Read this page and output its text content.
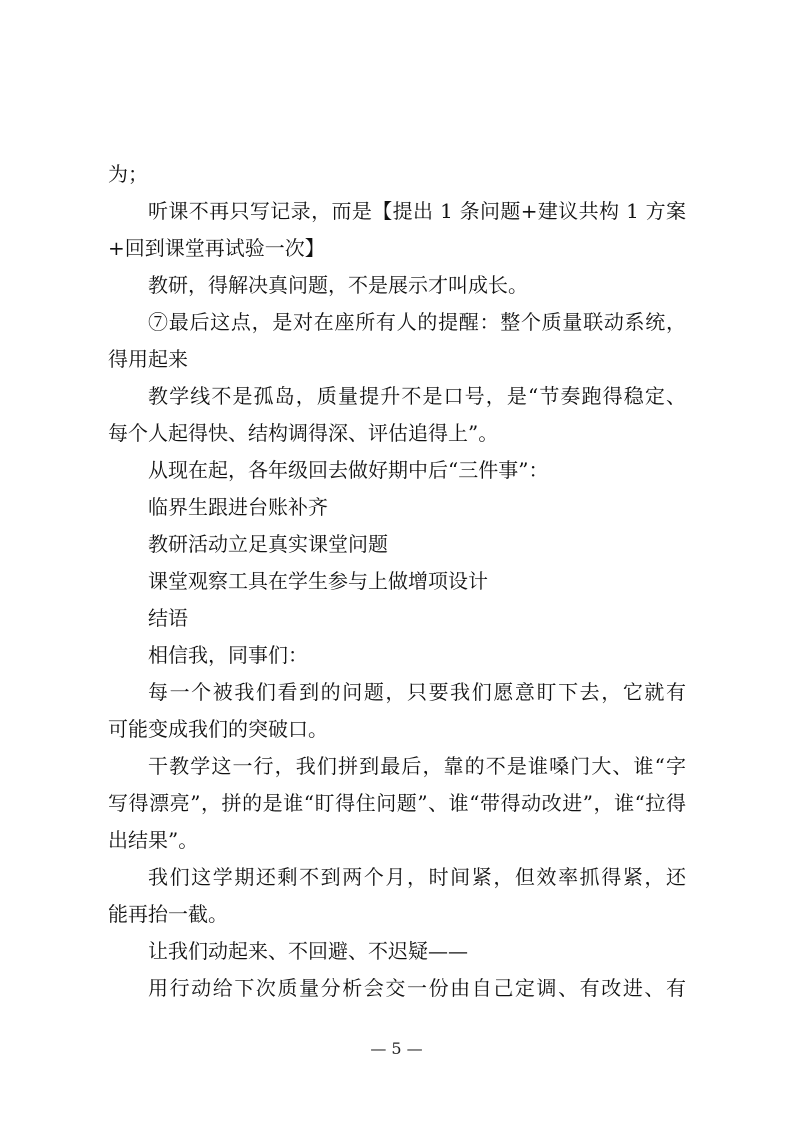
为；
听课不再只写记录，而是【提出 1 条问题+建议共构 1 方案
+回到课堂再试验一次】
教研，得解决真问题，不是展示才叫成长。
⑦最后这点，是对在座所有人的提醒：整个质量联动系统，
得用起来
教学线不是孤岛，质量提升不是口号，是“节奏跑得稳定、
每个人起得快、结构调得深、评估追得上”。
从现在起，各年级回去做好期中后“三件事”：
临界生跟进台账补齐
教研活动立足真实课堂问题
课堂观察工具在学生参与上做增项设计
结语
相信我，同事们：
每一个被我们看到的问题，只要我们愿意盯下去，它就有
可能变成我们的突破口。
干教学这一行，我们拼到最后，靠的不是谁嗓门大、谁“字
写得漂亮”，拼的是谁“盯得住问题”、谁“带得动改进”，谁“拉得
出结果”。
我们这学期还剩不到两个月，时间紧，但效率抓得紧，还
能再抬一截。
让我们动起来、不回避、不迟疑——
用行动给下次质量分析会交一份由自己定调、有改进、有
— 5 —
